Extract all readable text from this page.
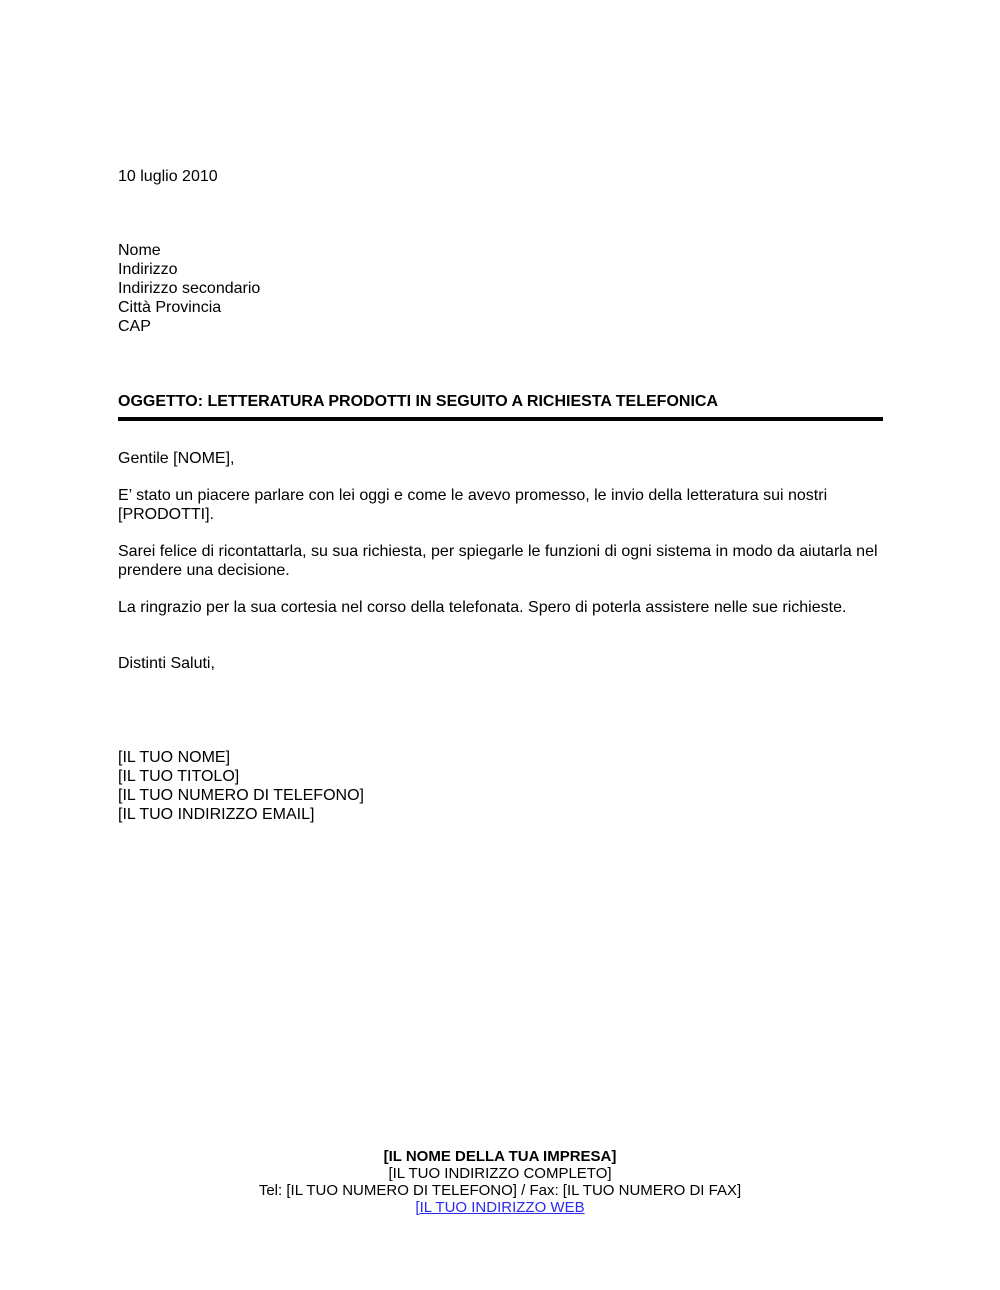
10 luglio 2010
Nome
Indirizzo
Indirizzo secondario
Città Provincia
CAP
OGGETTO: LETTERATURA PRODOTTI IN SEGUITO A RICHIESTA TELEFONICA
Gentile [NOME],
E’ stato un piacere parlare con lei oggi e come le avevo promesso, le invio della letteratura sui nostri [PRODOTTI].
Sarei felice di ricontattarla, su sua richiesta, per spiegarle le funzioni di ogni sistema in modo da aiutarla nel prendere una decisione.
La ringrazio per la sua cortesia nel corso della telefonata. Spero di poterla assistere nelle sue richieste.
Distinti Saluti,
[IL TUO NOME]
[IL TUO TITOLO]
[IL TUO NUMERO DI TELEFONO]
[IL TUO INDIRIZZO EMAIL]
[IL NOME DELLA TUA IMPRESA]
[IL TUO INDIRIZZO COMPLETO]
Tel: [IL TUO NUMERO DI TELEFONO] / Fax: [IL TUO NUMERO DI FAX]
[IL TUO INDIRIZZO WEB
